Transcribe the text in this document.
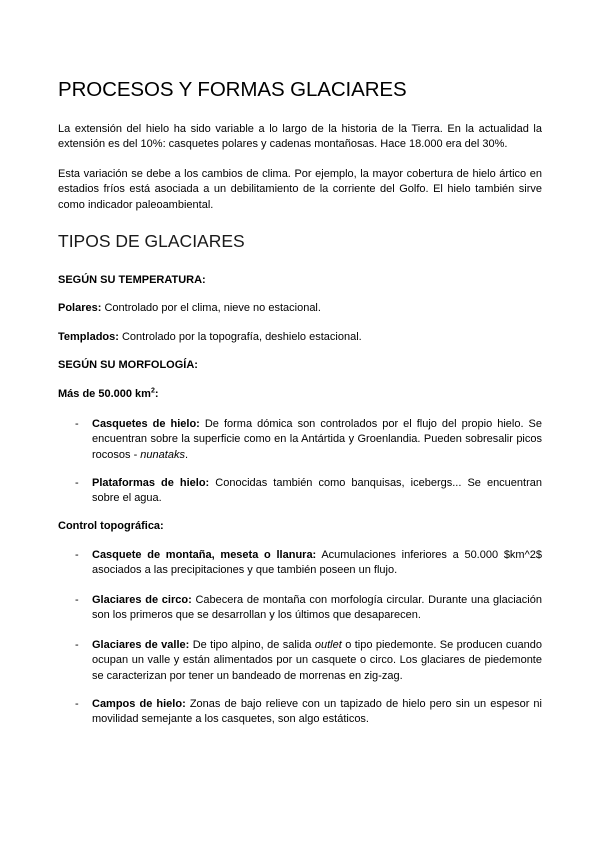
PROCESOS Y FORMAS GLACIARES

La extensión del hielo ha sido variable a lo largo de la historia de la Tierra. En la actualidad la extensión es del 10%: casquetes polares y cadenas montañosas. Hace 18.000 era del 30%.

Esta variación se debe a los cambios de clima. Por ejemplo, la mayor cobertura de hielo ártico en estadios fríos está asociada a un debilitamiento de la corriente del Golfo. El hielo también sirve como indicador paleoambiental.

TIPOS DE GLACIARES
SEGÚN SU TEMPERATURA:

Polares: Controlado por el clima, nieve no estacional.

Templados: Controlado por la topografía, deshielo estacional.

SEGÚN SU MORFOLOGÍA:
Más de 50.000 $km^2$:

- Casquetes de hielo: De forma dómica son controlados por el flujo del propio hielo. Se encuentran sobre la superficie como en la Antártida y Groenlandia. Pueden sobresalir picos rocosos - nunataks.

- Plataformas de hielo: Conocidas también como banquisas, icebergs... Se encuentran sobre el agua.

Control topográfica:

- Casquete de montaña, meseta o llanura: Acumulaciones inferiores a 50.000 $km^2$ asociados a las precipitaciones y que también poseen un flujo.

- Glaciares de circo: Cabecera de montaña con morfología circular. Durante una glaciación son los primeros que se desarrollan y los últimos que desaparecen.

- Glaciares de valle: De tipo alpino, de salida outlet o tipo piedemonte. Se producen cuando ocupan un valle y están alimentados por un casquete o circo. Los glaciares de piedemonte se caracterizan por tener un bandeado de morrenas en zig-zag.

- Campos de hielo: Zonas de bajo relieve con un tapizado de hielo pero sin un espesor ni movilidad semejante a los casquetes, son algo estáticos.
